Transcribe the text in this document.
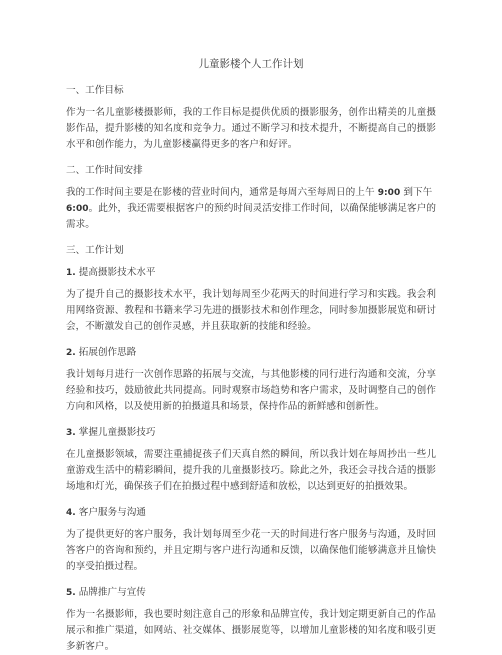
儿童影楼个人工作计划

一、工作目标

作为一名儿童影楼摄影师，我的工作目标是提供优质的摄影服务，创作出精美的儿童摄影作品，提升影楼的知名度和竞争力。通过不断学习和技术提升，不断提高自己的摄影水平和创作能力，为儿童影楼赢得更多的客户和好评。

二、工作时间安排

我的工作时间主要是在影楼的营业时间内，通常是每周六至每周日的上午 9:00 到下午
6:00。此外，我还需要根据客户的预约时间灵活安排工作时间，以确保能够满足客户的需求。

三、工作计划

1. 提高摄影技术水平

为了提升自己的摄影技术水平，我计划每周至少花两天的时间进行学习和实践。我会利用网络资源、教程和书籍来学习先进的摄影技术和创作理念，同时参加摄影展览和研讨会，不断激发自己的创作灵感，并且获取新的技能和经验。

2. 拓展创作思路

我计划每月进行一次创作思路的拓展与交流，与其他影楼的同行进行沟通和交流，分享经验和技巧，鼓励彼此共同提高。同时观察市场趋势和客户需求，及时调整自己的创作方向和风格，以及使用新的拍摄道具和场景，保持作品的新鲜感和创新性。

3. 掌握儿童摄影技巧

在儿童摄影领域，需要注重捕捉孩子们天真自然的瞬间，所以我计划在每周抄出一些儿童游戏生活中的精彩瞬间，提升我的儿童摄影技巧。除此之外，我还会寻找合适的摄影场地和灯光，确保孩子们在拍摄过程中感到舒适和放松，以达到更好的拍摄效果。

4. 客户服务与沟通

为了提供更好的客户服务，我计划每周至少花一天的时间进行客户服务与沟通，及时回答客户的咨询和预约，并且定期与客户进行沟通和反馈，以确保他们能够满意并且愉快的享受拍摄过程。

5. 品牌推广与宣传

作为一名摄影师，我也要时刻注意自己的形象和品牌宣传，我计划定期更新自己的作品展示和推广渠道，如网站、社交媒体、摄影展览等，以增加儿童影楼的知名度和吸引更多新客户。
